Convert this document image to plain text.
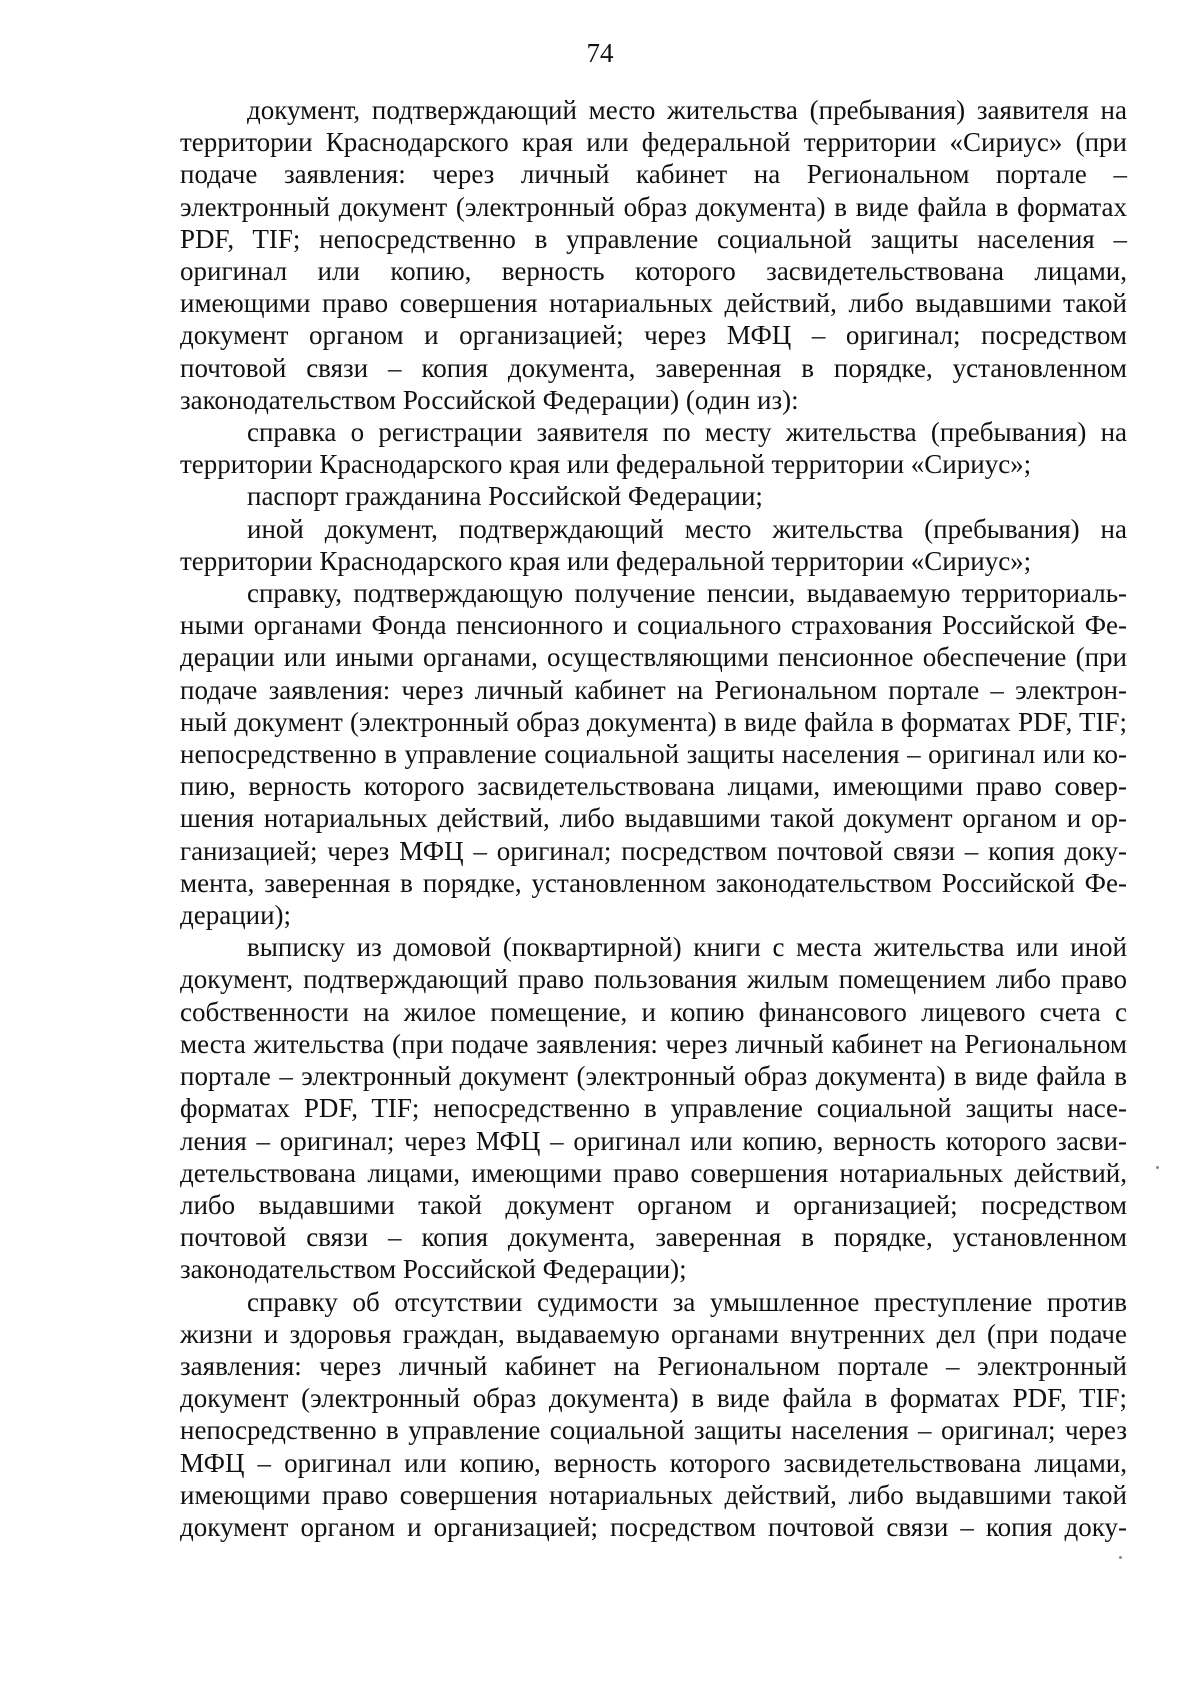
74
документ, подтверждающий место жительства (пребывания) заявителя на
территории Краснодарского края или федеральной территории «Сириус» (при
подаче заявления: через личный кабинет на Региональном портале –
электронный документ (электронный образ документа) в виде файла в форматах
PDF, TIF; непосредственно в управление социальной защиты населения –
оригинал или копию, верность которого засвидетельствована лицами,
имеющими право совершения нотариальных действий, либо выдавшими такой
документ органом и организацией; через МФЦ – оригинал; посредством
почтовой связи – копия документа, заверенная в порядке, установленном
законодательством Российской Федерации) (один из):
справка о регистрации заявителя по месту жительства (пребывания) на
территории Краснодарского края или федеральной территории «Сириус»;
паспорт гражданина Российской Федерации;
иной документ, подтверждающий место жительства (пребывания) на
территории Краснодарского края или федеральной территории «Сириус»;
справку, подтверждающую получение пенсии, выдаваемую территориаль-
ными органами Фонда пенсионного и социального страхования Российской Фе-
дерации или иными органами, осуществляющими пенсионное обеспечение (при
подаче заявления: через личный кабинет на Региональном портале – электрон-
ный документ (электронный образ документа) в виде файла в форматах PDF, TIF;
непосредственно в управление социальной защиты населения – оригинал или ко-
пию, верность которого засвидетельствована лицами, имеющими право совер-
шения нотариальных действий, либо выдавшими такой документ органом и ор-
ганизацией; через МФЦ – оригинал; посредством почтовой связи – копия доку-
мента, заверенная в порядке, установленном законодательством Российской Фе-
дерации);
выписку из домовой (поквартирной) книги с места жительства или иной
документ, подтверждающий право пользования жилым помещением либо право
собственности на жилое помещение, и копию финансового лицевого счета с
места жительства (при подаче заявления: через личный кабинет на Региональном
портале – электронный документ (электронный образ документа) в виде файла в
форматах PDF, TIF; непосредственно в управление социальной защиты насе-
ления – оригинал; через МФЦ – оригинал или копию, верность которого засви-
детельствована лицами, имеющими право совершения нотариальных действий,
либо выдавшими такой документ органом и организацией; посредством
почтовой связи – копия документа, заверенная в порядке, установленном
законодательством Российской Федерации);
справку об отсутствии судимости за умышленное преступление против
жизни и здоровья граждан, выдаваемую органами внутренних дел (при подаче
заявления: через личный кабинет на Региональном портале – электронный
документ (электронный образ документа) в виде файла в форматах PDF, TIF;
непосредственно в управление социальной защиты населения – оригинал; через
МФЦ – оригинал или копию, верность которого засвидетельствована лицами,
имеющими право совершения нотариальных действий, либо выдавшими такой
документ органом и организацией; посредством почтовой связи – копия доку-
